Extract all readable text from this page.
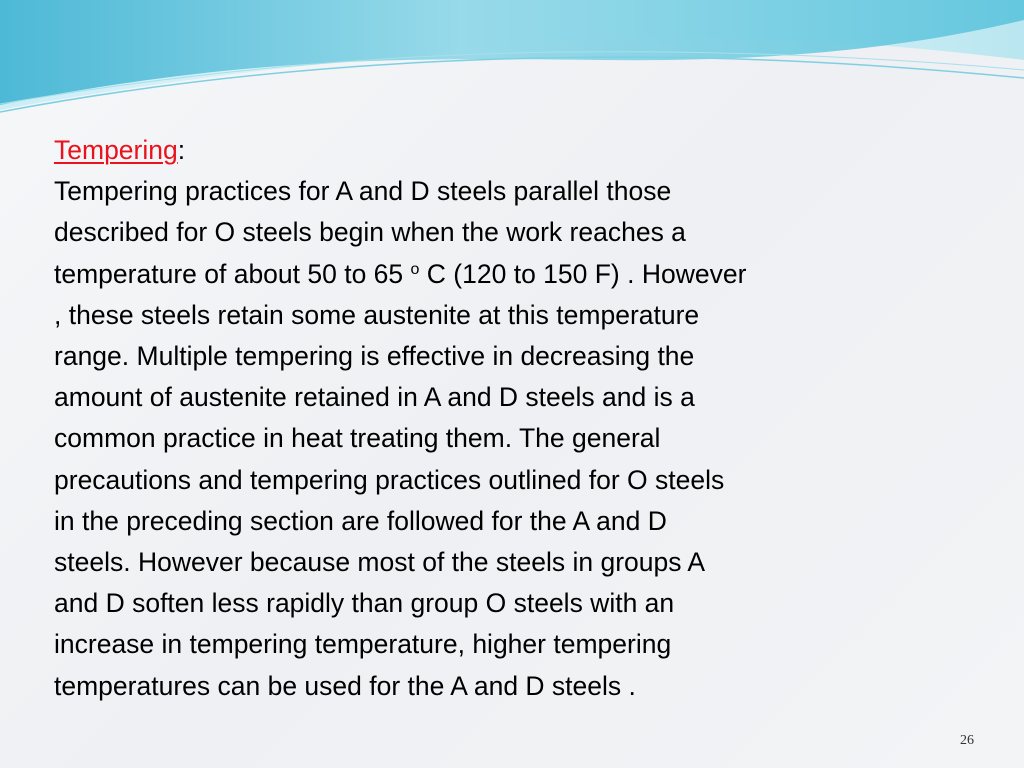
Tempering:

Tempering practices for A and D steels parallel those
described for O steels begin when the work reaches a
temperature of about 50 to 65 $^o$ C (120 to 150 F) . However
, these steels retain some austenite at this temperature
range. Multiple tempering is effective in decreasing the
amount of austenite retained in A and D steels and is a
common practice in heat treating them. The general
precautions and tempering practices outlined for O steels
in the preceding section are followed for the A and D
steels. However because most of the steels in groups A
and D soften less rapidly than group O steels with an
increase in tempering temperature, higher tempering
temperatures can be used for the A and D steels .

26
